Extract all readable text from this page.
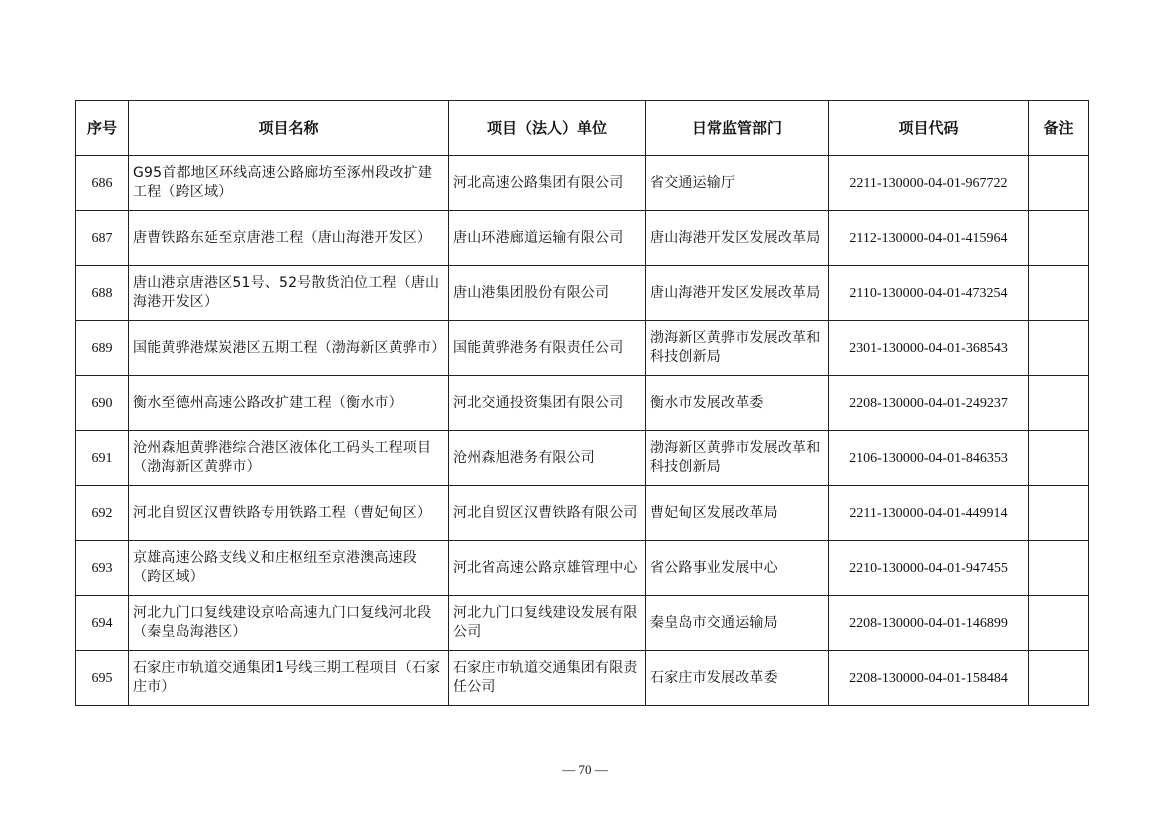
序号	项目名称	项目（法人）单位	日常监管部门	项目代码	备注
686	G95首都地区环线高速公路廊坊至涿州段改扩建工程（跨区域）	河北高速公路集团有限公司	省交通运输厅	2211-130000-04-01-967722	
687	唐曹铁路东延至京唐港工程（唐山海港开发区）	唐山环港廊道运输有限公司	唐山海港开发区发展改革局	2112-130000-04-01-415964	
688	唐山港京唐港区51号、52号散货泊位工程（唐山海港开发区）	唐山港集团股份有限公司	唐山海港开发区发展改革局	2110-130000-04-01-473254	
689	国能黄骅港煤炭港区五期工程（渤海新区黄骅市）	国能黄骅港务有限责任公司	渤海新区黄骅市发展改革和科技创新局	2301-130000-04-01-368543	
690	衡水至德州高速公路改扩建工程（衡水市）	河北交通投资集团有限公司	衡水市发展改革委	2208-130000-04-01-249237	
691	沧州森旭黄骅港综合港区液体化工码头工程项目（渤海新区黄骅市）	沧州森旭港务有限公司	渤海新区黄骅市发展改革和科技创新局	2106-130000-04-01-846353	
692	河北自贸区汉曹铁路专用铁路工程（曹妃甸区）	河北自贸区汉曹铁路有限公司	曹妃甸区发展改革局	2211-130000-04-01-449914	
693	京雄高速公路支线义和庄枢纽至京港澳高速段（跨区域）	河北省高速公路京雄管理中心	省公路事业发展中心	2210-130000-04-01-947455	
694	河北九门口复线建设京哈高速九门口复线河北段（秦皇岛海港区）	河北九门口复线建设发展有限公司	秦皇岛市交通运输局	2208-130000-04-01-146899	
695	石家庄市轨道交通集团1号线三期工程项目（石家庄市）	石家庄市轨道交通集团有限责任公司	石家庄市发展改革委	2208-130000-04-01-158484	
— 70 —
